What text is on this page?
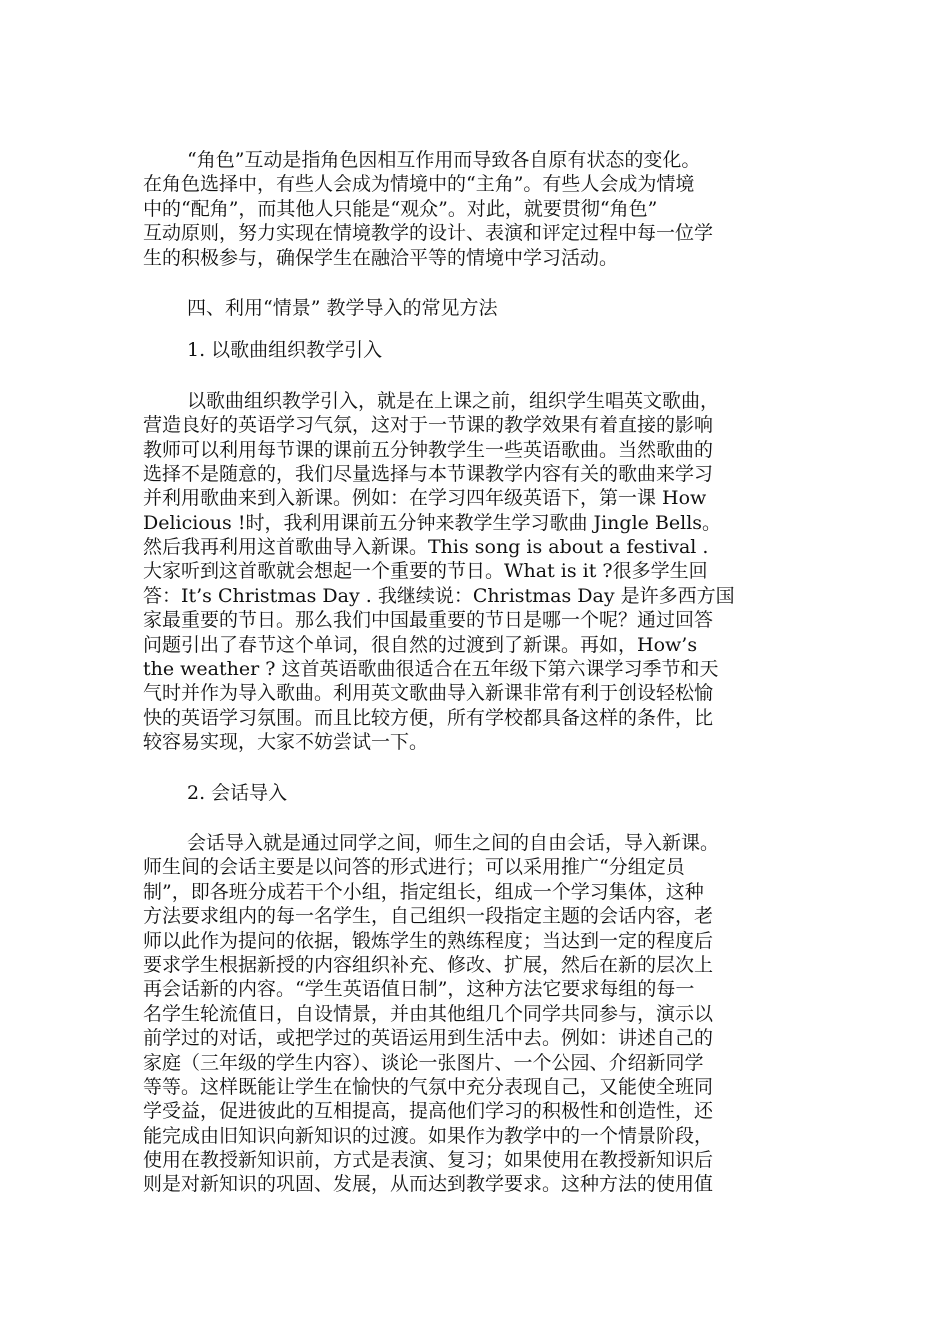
“角色”互动是指角色因相互作用而导致各自原有状态的变化。
在角色选择中，有些人会成为情境中的“主角”。有些人会成为情境
中的“配角”，而其他人只能是“观众”。对此，就要贯彻“角色”
互动原则，努力实现在情境教学的设计、表演和评定过程中每一位学
生的积极参与，确保学生在融洽平等的情境中学习活动。
四、利用“情景” 教学导入的常见方法
1. 以歌曲组织教学引入
以歌曲组织教学引入，就是在上课之前，组织学生唱英文歌曲，
营造良好的英语学习气氛，这对于一节课的教学效果有着直接的影响
教师可以利用每节课的课前五分钟教学生一些英语歌曲。当然歌曲的
选择不是随意的，我们尽量选择与本节课教学内容有关的歌曲来学习
并利用歌曲来到入新课。例如：在学习四年级英语下，第一课 How
Delicious !时，我利用课前五分钟来教学生学习歌曲 Jingle Bells。
然后我再利用这首歌曲导入新课。This song is about a festival .
大家听到这首歌就会想起一个重要的节日。What is it ?很多学生回
答：It’s Christmas Day . 我继续说：Christmas Day 是许多西方国
家最重要的节日。那么我们中国最重要的节日是哪一个呢？通过回答
问题引出了春节这个单词，很自然的过渡到了新课。再如，How’s
the weather ? 这首英语歌曲很适合在五年级下第六课学习季节和天
气时并作为导入歌曲。利用英文歌曲导入新课非常有利于创设轻松愉
快的英语学习氛围。而且比较方便，所有学校都具备这样的条件，比
较容易实现，大家不妨尝试一下。
2. 会话导入
会话导入就是通过同学之间，师生之间的自由会话，导入新课。
师生间的会话主要是以问答的形式进行；可以采用推广“分组定员
制”，即各班分成若干个小组，指定组长，组成一个学习集体，这种
方法要求组内的每一名学生，自己组织一段指定主题的会话内容，老
师以此作为提问的依据，锻炼学生的熟练程度；当达到一定的程度后
要求学生根据新授的内容组织补充、修改、扩展，然后在新的层次上
再会话新的内容。“学生英语值日制”，这种方法它要求每组的每一
名学生轮流值日，自设情景，并由其他组几个同学共同参与，演示以
前学过的对话，或把学过的英语运用到生活中去。例如：讲述自己的
家庭（三年级的学生内容）、谈论一张图片、一个公园、介绍新同学
等等。这样既能让学生在愉快的气氛中充分表现自己，又能使全班同
学受益，促进彼此的互相提高，提高他们学习的积极性和创造性，还
能完成由旧知识向新知识的过渡。如果作为教学中的一个情景阶段，
使用在教授新知识前，方式是表演、复习；如果使用在教授新知识后
则是对新知识的巩固、发展，从而达到教学要求。这种方法的使用值
